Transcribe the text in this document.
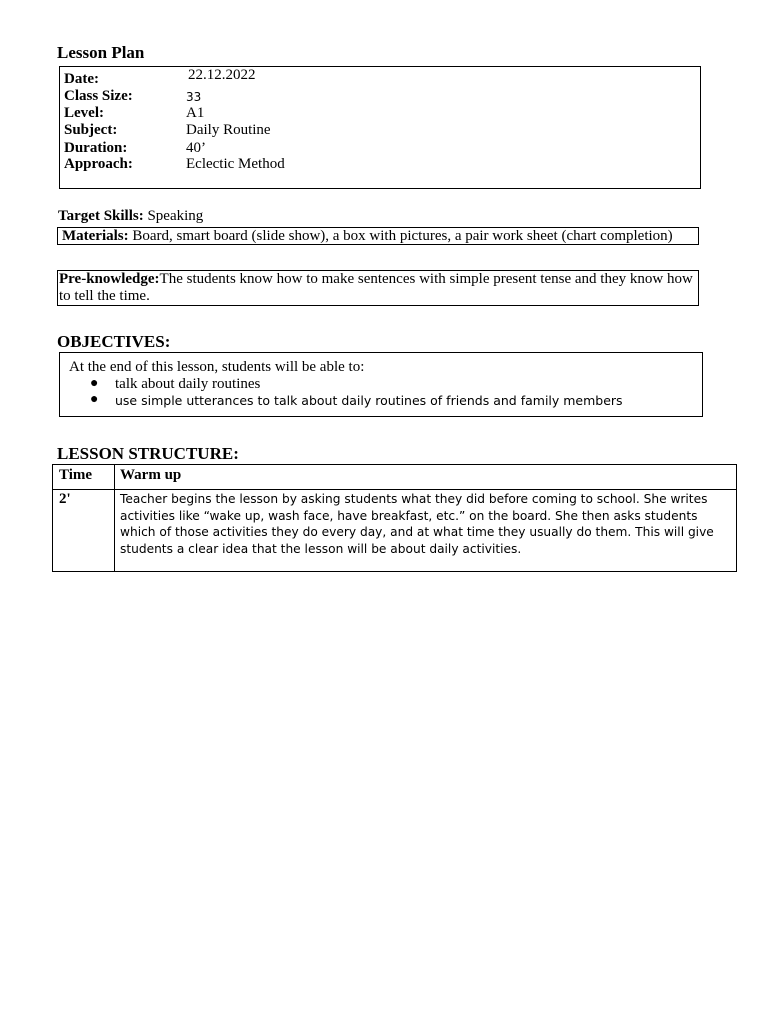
Lesson Plan
Date:	22.12.2022
Class Size:	33
Level:	A1
Subject:	Daily Routine
Duration:	40’
Approach:	Eclectic Method
Target Skills: Speaking
Materials: Board, smart board (slide show), a box with pictures, a pair work sheet (chart completion)
Pre-knowledge:The students know how to make sentences with simple present tense and they know how to tell the time.
OBJECTIVES:
At the end of this lesson, students will be able to:
● talk about daily routines
● use simple utterances to talk about daily routines of friends and family members
LESSON STRUCTURE:
Time Warm up
2'	Teacher begins the lesson by asking students what they did before coming to school. She writes activities like “wake up, wash face, have breakfast, etc.” on the board. She then asks students which of those activities they do every day, and at what time they usually do them. This will give students a clear idea that the lesson will be about daily activities.
